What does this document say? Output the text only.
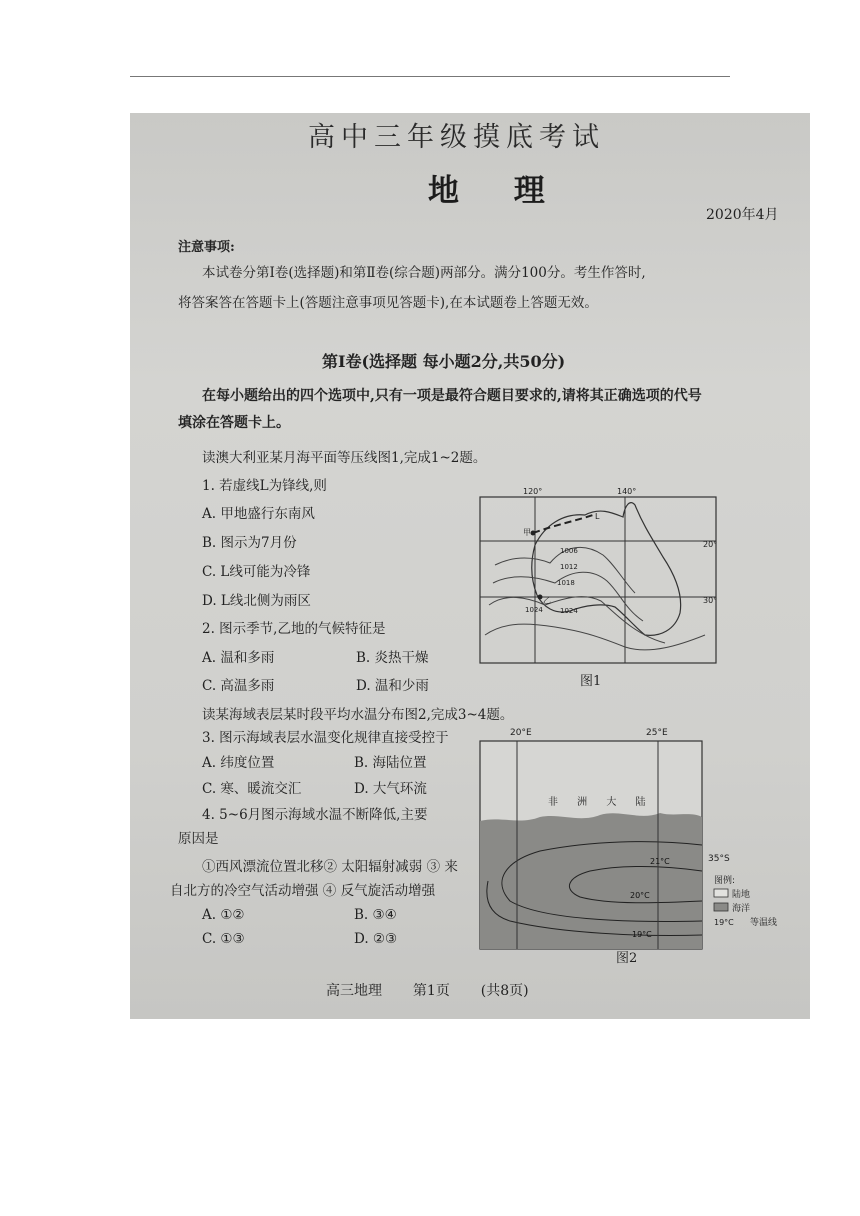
高中三年级摸底考试
地 理
2020年4月
注意事项:
本试卷分第Ⅰ卷(选择题)和第Ⅱ卷(综合题)两部分。满分100分。考生作答时,
将答案答在答题卡上(答题注意事项见答题卡),在本试题卷上答题无效。
第Ⅰ卷(选择题 每小题2分,共50分)
在每小题给出的四个选项中,只有一项是最符合题目要求的,请将其正确选项的代号
填涂在答题卡上。
读澳大利亚某月海平面等压线图1,完成1~2题。
1. 若虚线L为锋线,则
A. 甲地盛行东南风
B. 图示为7月份
C. L线可能为冷锋
D. L线北侧为雨区
2. 图示季节,乙地的气候特征是
A. 温和多雨	B. 炎热干燥
C. 高温多雨	D. 温和少雨
120°	140°
20°
30°
1006
1012
1018
1024 1024
甲
乙
L
图1
读某海域表层某时段平均水温分布图2,完成3~4题。
3. 图示海域表层水温变化规律直接受控于
A. 纬度位置	B. 海陆位置
C. 寒、暖流交汇	D. 大气环流
4. 5~6月图示海域水温不断降低,主要
原因是
①西风漂流位置北移② 太阳辐射减弱 ③ 来
自北方的冷空气活动增强 ④ 反气旋活动增强
A. ①②	B. ③④
C. ①③	D. ②③
20°E	25°E
35°S
非 洲 大 陆
21°C
20°C
19°C
图例:
陆地
海洋
19°C 等温线
图2
高三地理 第1页 (共8页)
